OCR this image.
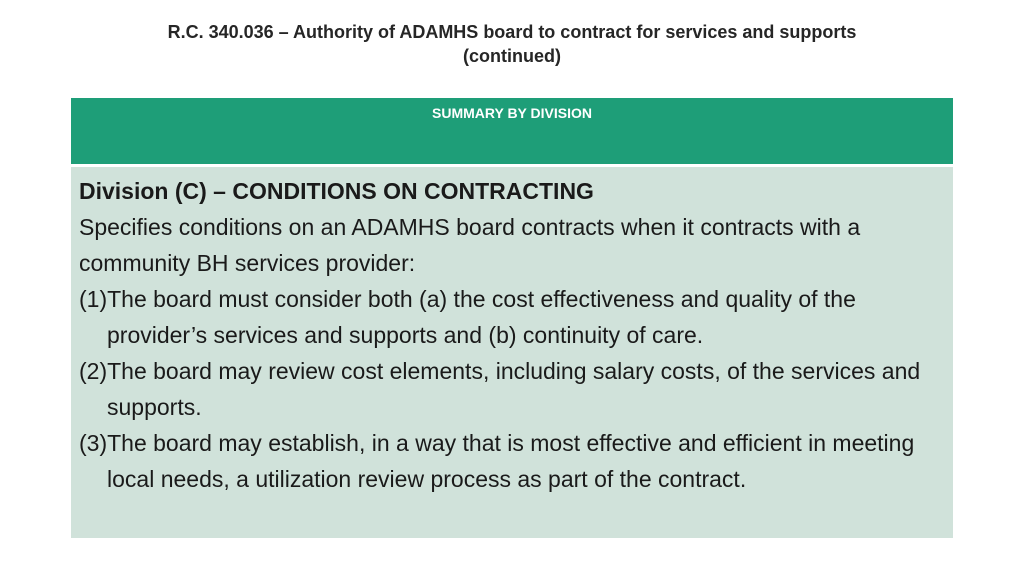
R.C. 340.036 – Authority of ADAMHS board to contract for services and supports
(continued)
SUMMARY BY DIVISION
Division (C) – CONDITIONS ON CONTRACTING
Specifies conditions on an ADAMHS board contracts when it contracts with a community BH services provider:
(1)The board must consider both (a) the cost effectiveness and quality of the provider’s services and supports and (b) continuity of care.
(2)The board may review cost elements, including salary costs, of the services and supports.
(3)The board may establish, in a way that is most effective and efficient in meeting local needs, a utilization review process as part of the contract.
